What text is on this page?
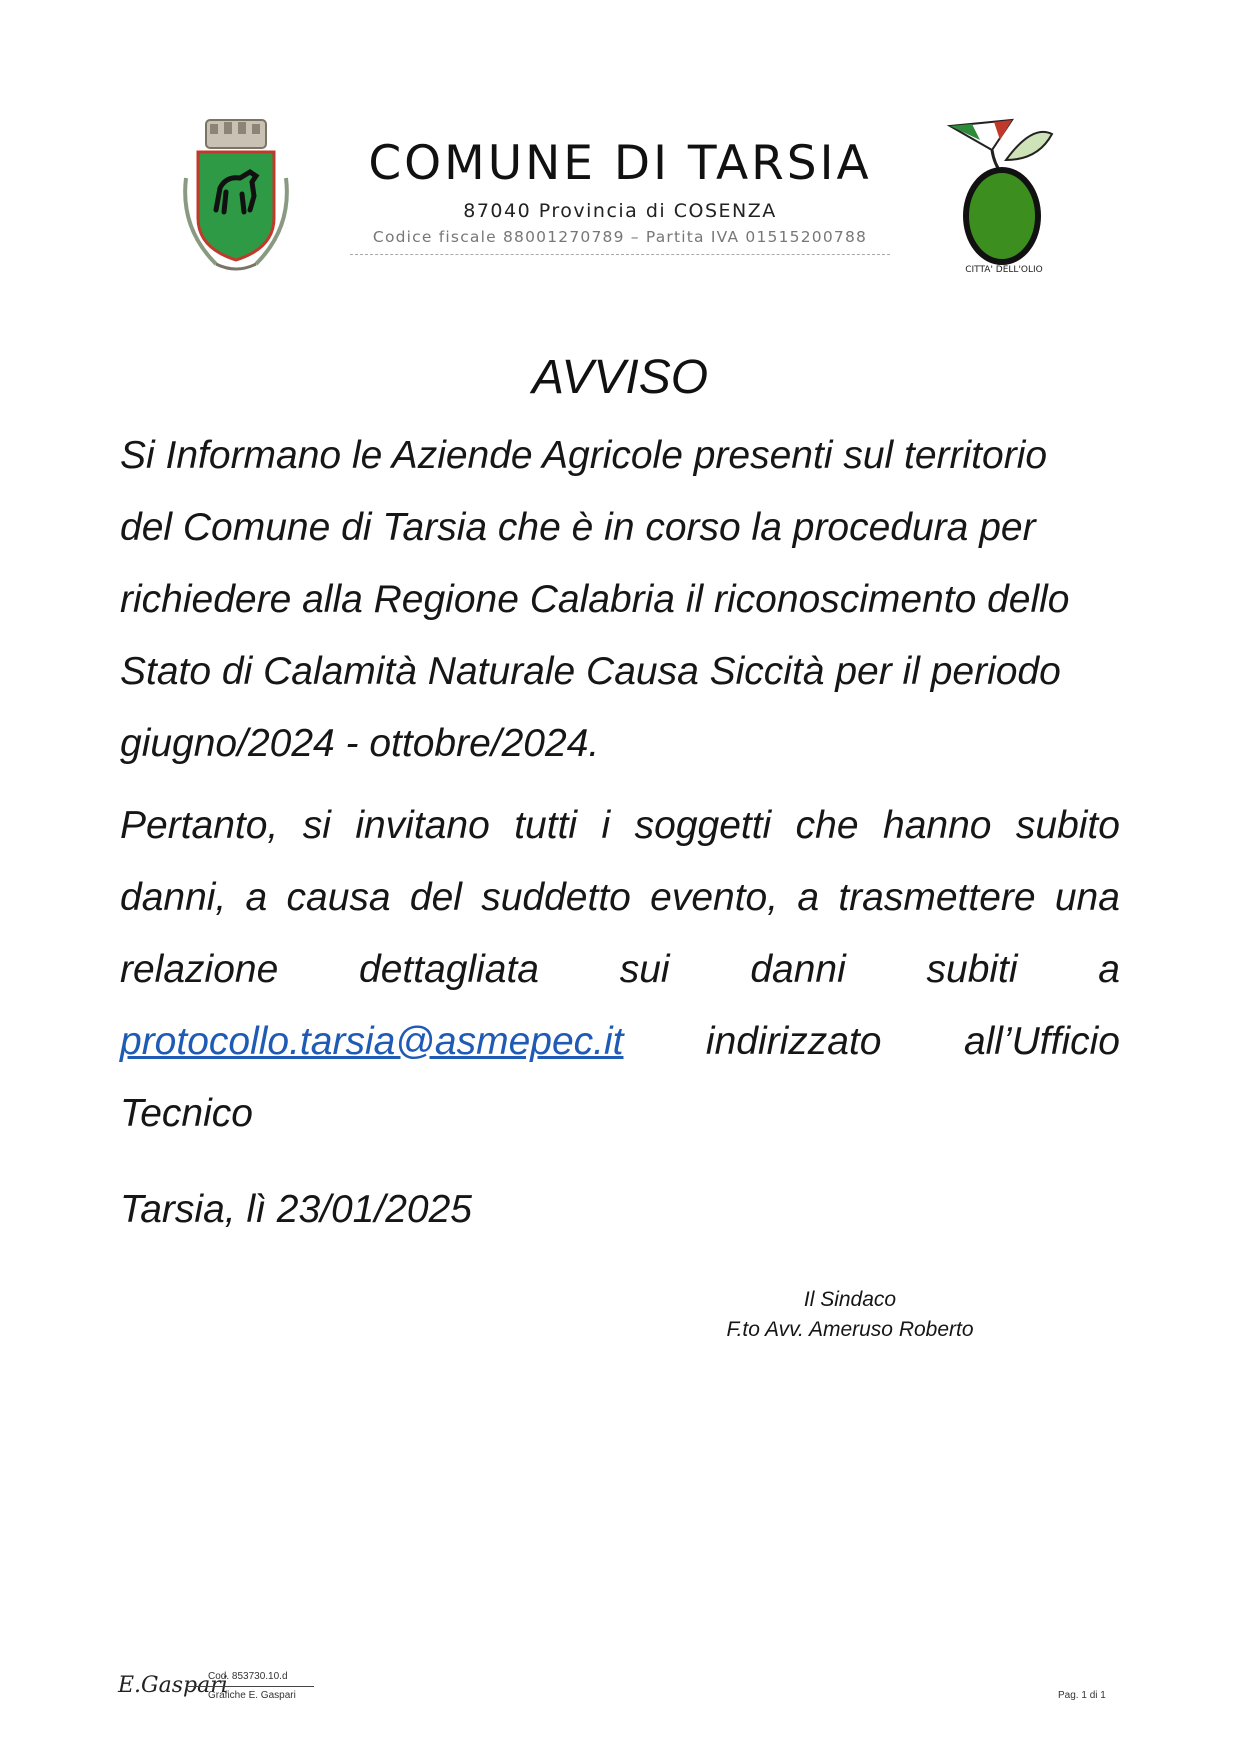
COMUNE DI TARSIA
87040 Provincia di COSENZA
Codice fiscale 88001270789 – Partita IVA 01515200788
CITTA' DELL'OLIO
AVVISO
Si Informano le Aziende Agricole presenti sul territorio
del Comune di Tarsia che è in corso la procedura per
richiedere alla Regione Calabria il riconoscimento dello
Stato di Calamità Naturale Causa Siccità per il periodo
giugno/2024 - ottobre/2024.
Pertanto, si invitano tutti i soggetti che hanno subito
danni, a causa del suddetto evento, a trasmettere una
relazione dettagliata sui danni subiti a
protocollo.tarsia@asmepec.it indirizzato all’Ufficio
Tecnico
Tarsia, lì 23/01/2025
Il Sindaco
F.to Avv. Ameruso Roberto
E.Gaspari
Cod. 853730.10.d
Grafiche E. Gaspari	Pag. 1 di 1
